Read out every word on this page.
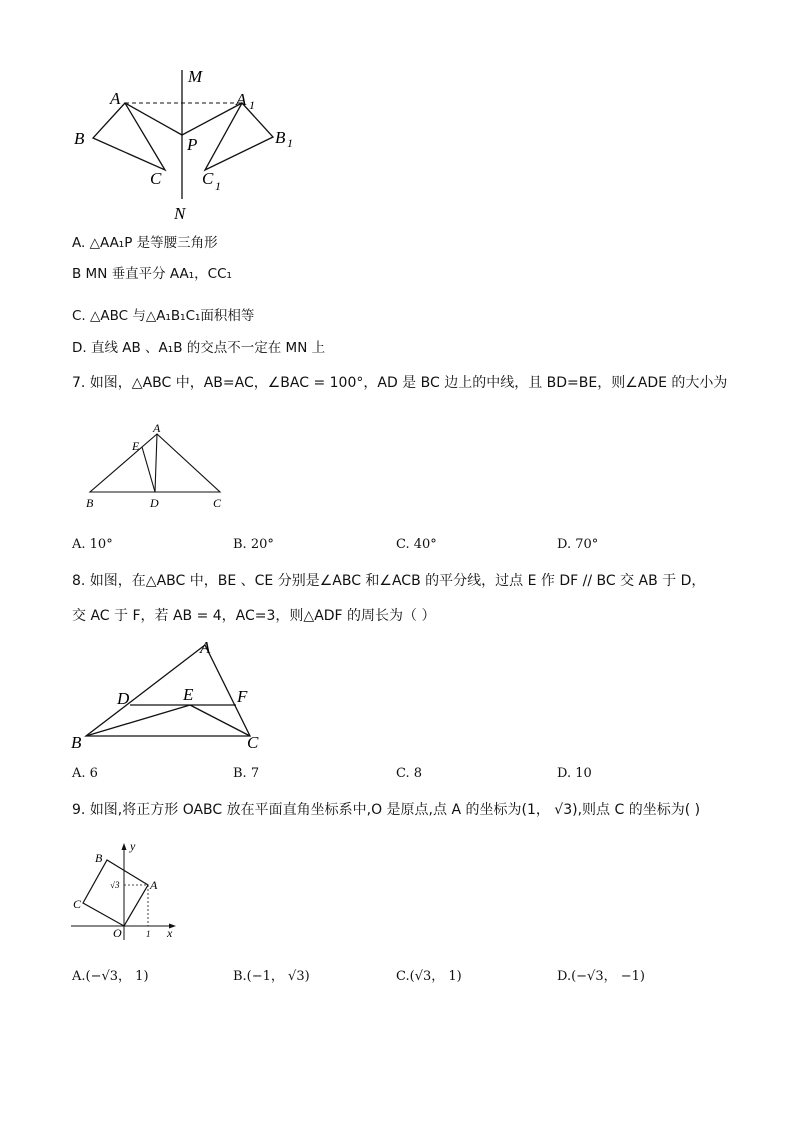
M
N
A	A 1
B	B 1
P
C C 1
A. △AA₁P 是等腰三角形
B MN 垂直平分 AA₁，CC₁
C. △ABC 与△A₁B₁C₁面积相等
D. 直线 AB 、A₁B 的交点不一定在 MN 上
7. 如图，△ABC 中，AB=AC，∠BAC = 100°，AD 是 BC 边上的中线，且 BD=BE，则∠ADE 的大小为
A
E
B	D	C
A. 10°	B. 20°	C. 40°	D. 70°
8. 如图，在△ABC 中，BE 、CE 分别是∠ABC 和∠ACB 的平分线，过点 E 作 DF // BC 交 AB 于 D，
交 AC 于 F，若 AB = 4，AC=3，则△ADF 的周长为（ ）
A
D	E	F
B	C
A. 6	B. 7	C. 8	D. 10
9. 如图,将正方形 OABC 放在平面直角坐标系中,O 是原点,点 A 的坐标为(1， √3),则点 C 的坐标为( )
y
B
√3	A
C
O	1 x
A.(−√3， 1)	B.(−1， √3)	C.(√3， 1)	D.(−√3， −1)
